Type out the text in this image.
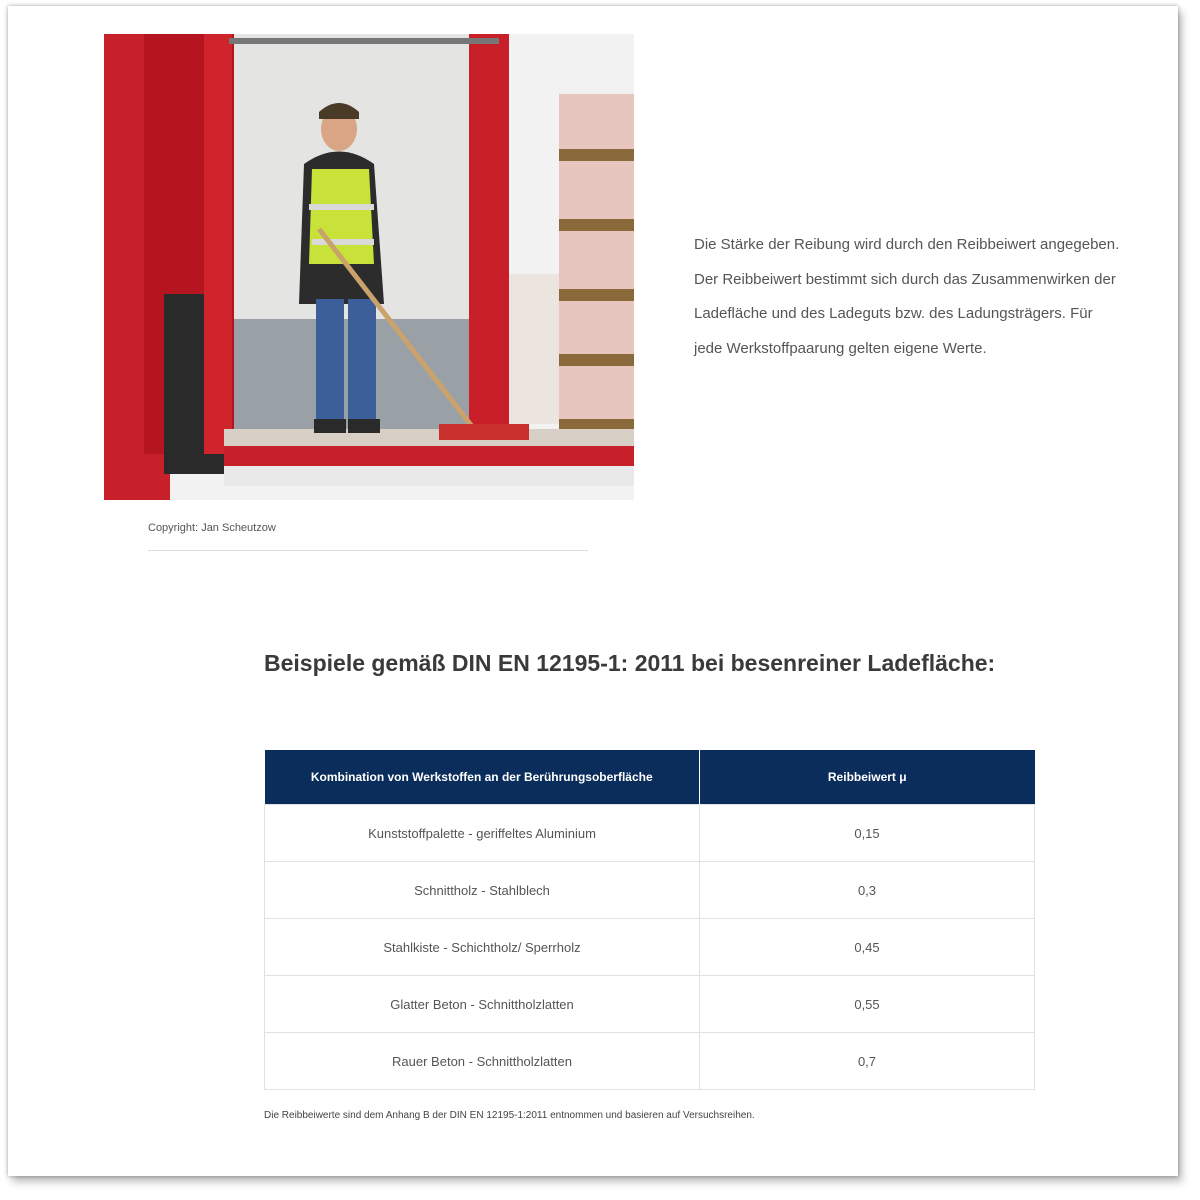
Copyright: Jan Scheutzow

Die Stärke der Reibung wird durch den Reibbeiwert angegeben. Der Reibbeiwert bestimmt sich durch das Zusammenwirken der Ladefläche und des Ladeguts bzw. des Ladungsträgers. Für jede Werkstoffpaarung gelten eigene Werte.

Beispiele gemäß DIN EN 12195-1: 2011 bei besenreiner Ladefläche:
Kombination von Werkstoffen an der Berührungsoberfläche	Reibbeiwert μ
Kunststoffpalette - geriffeltes Aluminium	0,15
Schnittholz - Stahlblech	0,3
Stahlkiste - Schichtholz/ Sperrholz	0,45
Glatter Beton - Schnittholzlatten	0,55
Rauer Beton - Schnittholzlatten	0,7
Die Reibbeiwerte sind dem Anhang B der DIN EN 12195-1:2011 entnommen und basieren auf Versuchsreihen.
